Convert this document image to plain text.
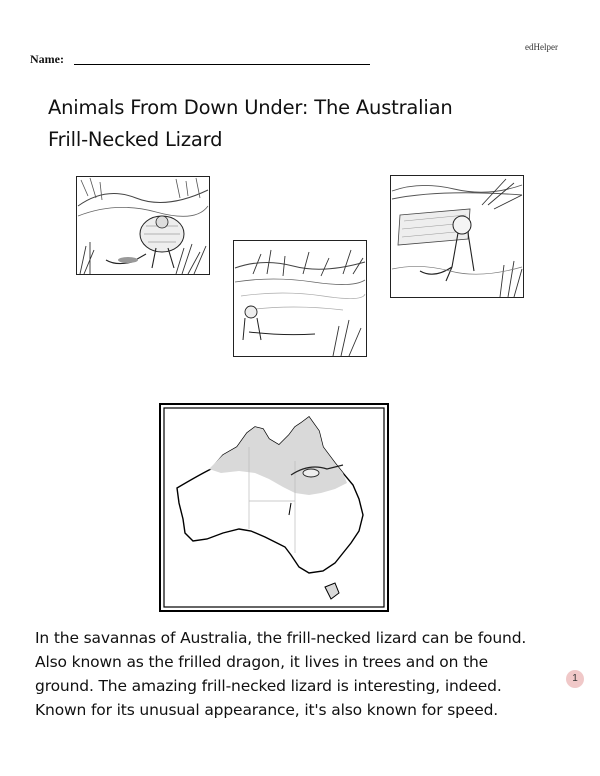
edHelper
Name:
Animals From Down Under: The Australian
Frill-Necked Lizard
In the savannas of Australia, the frill-necked lizard can be found.
Also known as the frilled dragon, it lives in trees and on the
ground. The amazing frill-necked lizard is interesting, indeed.
Known for its unusual appearance, it's also known for speed.
1
